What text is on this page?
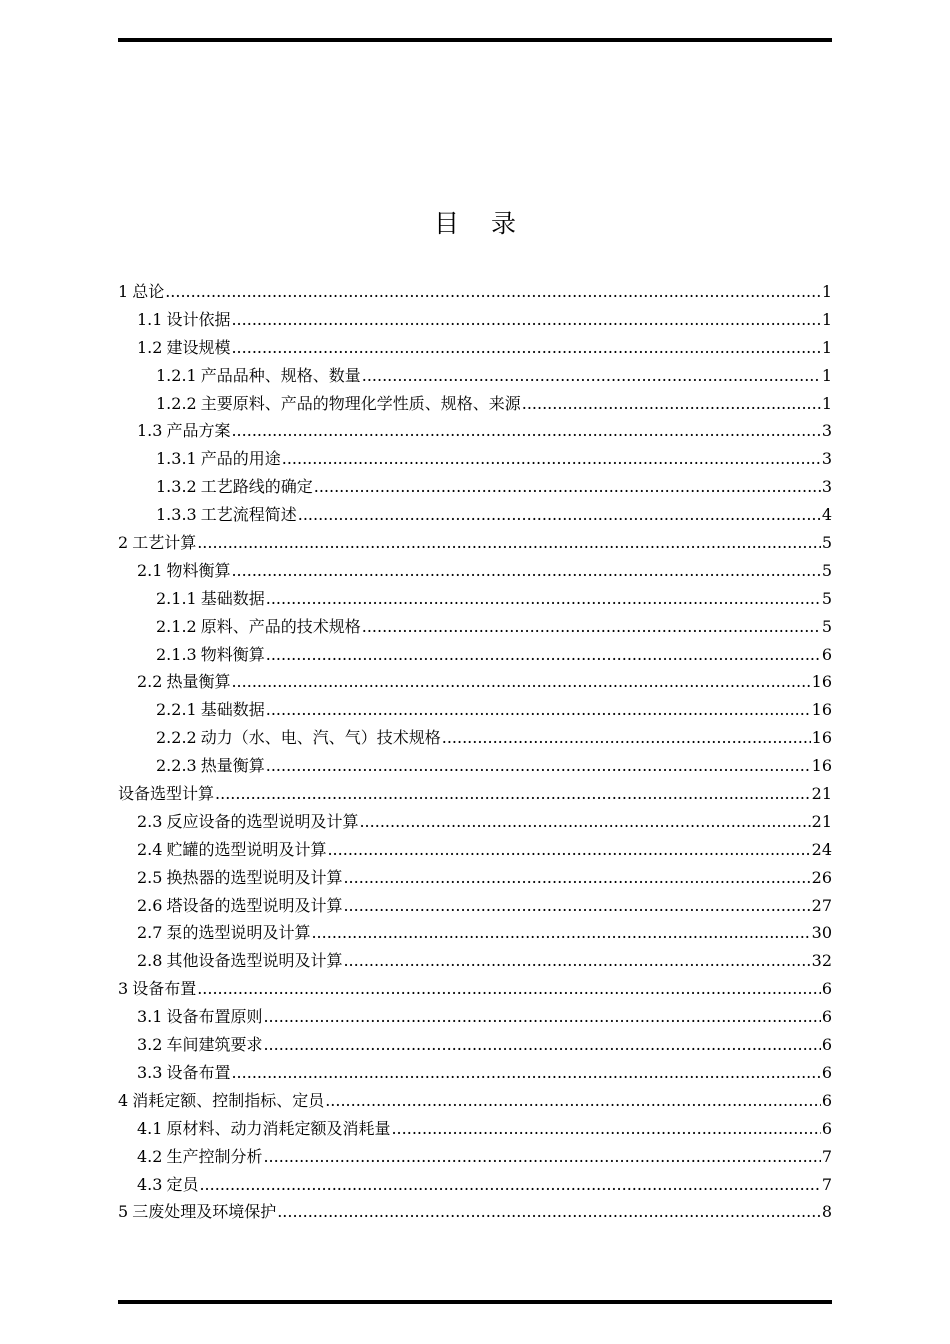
目 录
1 总论 .....	1
1.1 设计依据 .....	1
1.2 建设规模 .....	1
1.2.1 产品品种、规格、数量 .....	1
1.2.2 主要原料、产品的物理化学性质、规格、来源 .....	1
1.3 产品方案 .....	3
1.3.1 产品的用途 .....	3
1.3.2 工艺路线的确定 .....	3
1.3.3 工艺流程简述 .....	4
2 工艺计算 .....	5
2.1 物料衡算 .....	5
2.1.1 基础数据 .....	5
2.1.2 原料、产品的技术规格 .....	5
2.1.3 物料衡算 .....	6
2.2 热量衡算 .....	16
2.2.1 基础数据 .....	16
2.2.2 动力（水、电、汽、气）技术规格 .....	16
2.2.3 热量衡算 .....	16
设备选型计算 .....	21
2.3 反应设备的选型说明及计算 .....	21
2.4 贮罐的选型说明及计算 .....	24
2.5 换热器的选型说明及计算 .....	26
2.6 塔设备的选型说明及计算 .....	27
2.7 泵的选型说明及计算 .....	30
2.8 其他设备选型说明及计算 .....	32
3 设备布置 .....	6
3.1 设备布置原则 .....	6
3.2 车间建筑要求 .....	6
3.3 设备布置 .....	6
4 消耗定额、控制指标、定员 .....	6
4.1 原材料、动力消耗定额及消耗量 .....	6
4.2 生产控制分析 .....	7
4.3 定员 .....	7
5 三废处理及环境保护 .....	8
